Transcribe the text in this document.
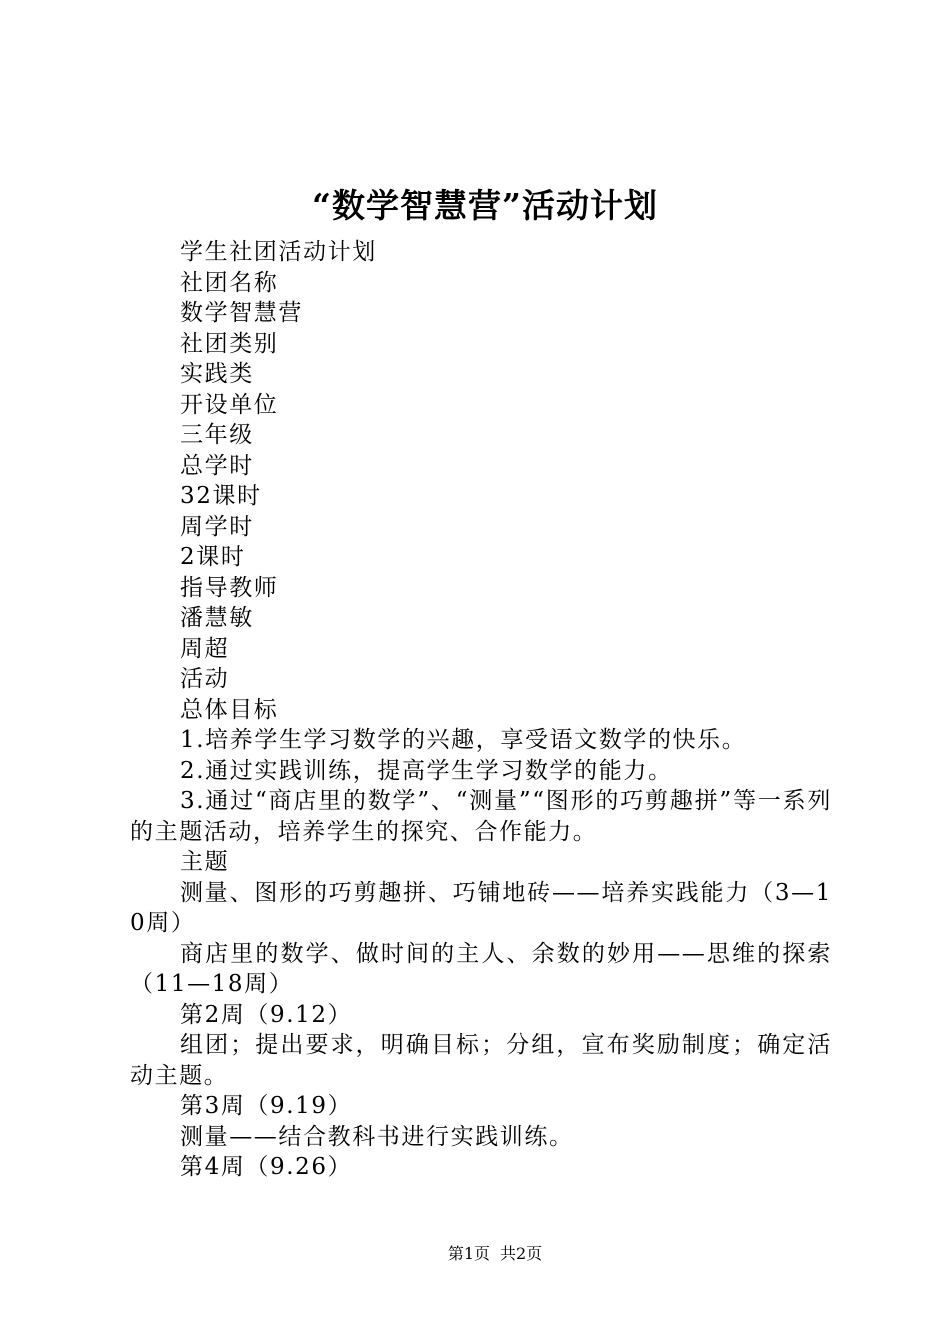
“数学智慧营”活动计划

学生社团活动计划

社团名称

数学智慧营

社团类别

实践类

开设单位

三年级

总学时

32课时

周学时

2课时

指导教师

潘慧敏

周超

活动

总体目标

1.培养学生学习数学的兴趣，享受语文数学的快乐。

2.通过实践训练，提高学生学习数学的能力。

3.通过“商店里的数学”、“测量”“图形的巧剪趣拼”等一系列的主题活动，培养学生的探究、合作能力。

主题

测量、图形的巧剪趣拼、巧铺地砖——培养实践能力（3—10周）

商店里的数学、做时间的主人、余数的妙用——思维的探索（11—18周）

第2周（9.12）

组团；提出要求，明确目标；分组，宣布奖励制度；确定活动主题。

第3周（9.19）

测量——结合教科书进行实践训练。

第4周（9.26）

第1页 共2页
